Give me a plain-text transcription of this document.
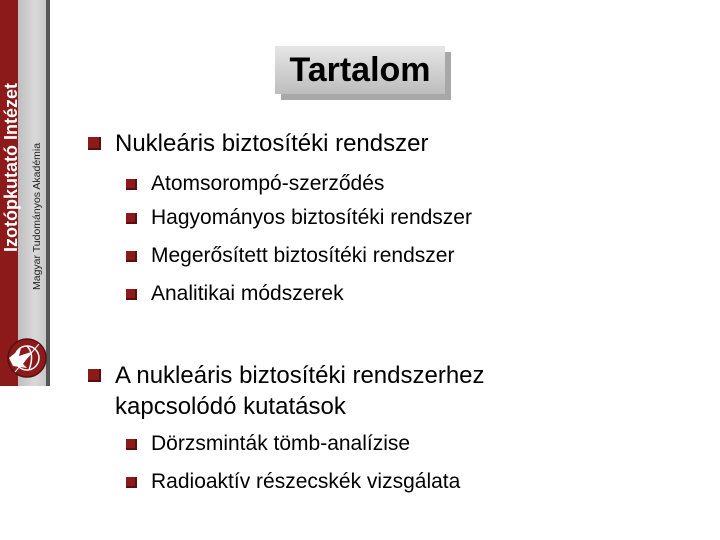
Izotópkutató Intézet Magyar Tudományos Akadémia
Tartalom
Nukleáris biztosítéki rendszer
Atomsorompó-szerződés
Hagyományos biztosítéki rendszer
Megerősített biztosítéki rendszer
Analitikai módszerek
A nukleáris biztosítéki rendszerhez
kapcsolódó kutatások
Dörzsminták tömb-analízise
Radioaktív részecskék vizsgálata
